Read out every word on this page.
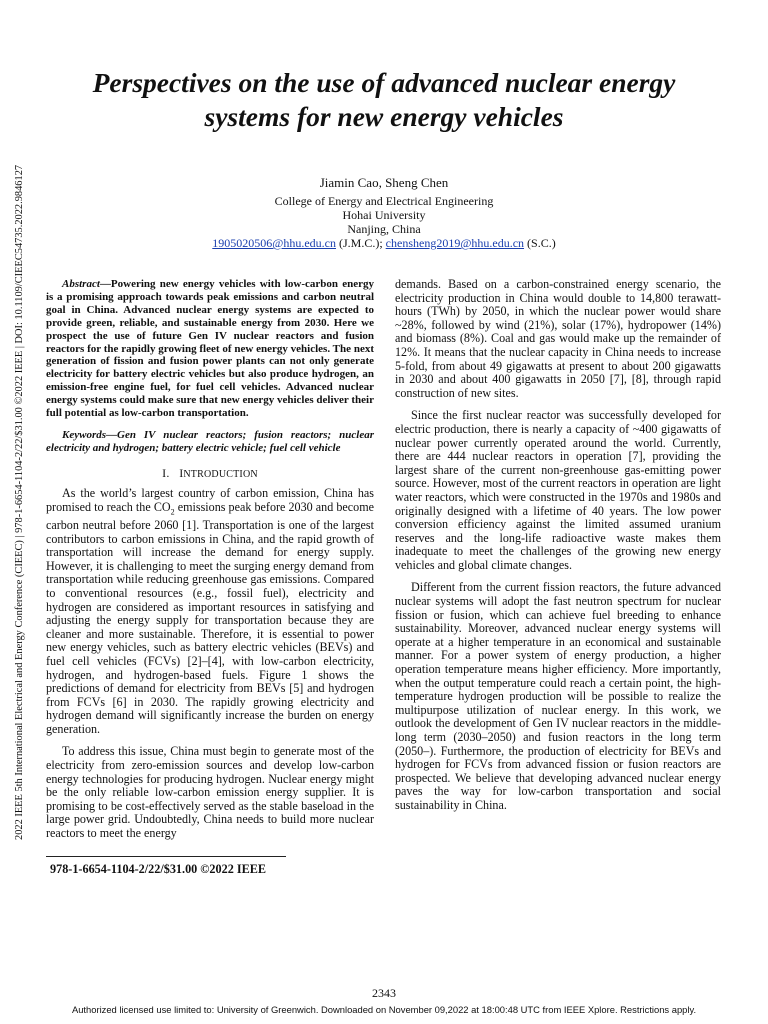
2022 IEEE 5th International Electrical and Energy Conference (CIEEC) | 978-1-6654-1104-2/22/$31.00 ©2022 IEEE | DOI: 10.1109/CIEEC54735.2022.9846127
Perspectives on the use of advanced nuclear energy
systems for new energy vehicles
Jiamin Cao, Sheng Chen
College of Energy and Electrical Engineering
Hohai University
Nanjing, China
1905020506@hhu.edu.cn (J.M.C.); chensheng2019@hhu.edu.cn (S.C.)

Abstract—Powering new energy vehicles with low-carbon energy is a promising approach towards peak emissions and carbon neutral goal in China. Advanced nuclear energy systems are expected to provide green, reliable, and sustainable energy from 2030. Here we prospect the use of future Gen IV nuclear reactors and fusion reactors for the rapidly growing fleet of new energy vehicles. The next generation of fission and fusion power plants can not only generate electricity for battery electric vehicles but also produce hydrogen, an emission-free engine fuel, for fuel cell vehicles. Advanced nuclear energy systems could make sure that new energy vehicles deliver their full potential as low-carbon transportation.

Keywords—Gen IV nuclear reactors; fusion reactors; nuclear electricity and hydrogen; battery electric vehicle; fuel cell vehicle

I. INTRODUCTION

As the world’s largest country of carbon emission, China has promised to reach the $CO_2$ emissions peak before 2030 and become carbon neutral before 2060 [1]. Transportation is one of the largest contributors to carbon emissions in China, and the rapid growth of transportation will increase the demand for energy supply. However, it is challenging to meet the surging energy demand from transportation while reducing greenhouse gas emissions. Compared to conventional resources (e.g., fossil fuel), electricity and hydrogen are considered as important resources in satisfying and adjusting the energy supply for transportation because they are cleaner and more sustainable. Therefore, it is essential to power new energy vehicles, such as battery electric vehicles (BEVs) and fuel cell vehicles (FCVs) [2]–[4], with low-carbon electricity, hydrogen, and hydrogen-based fuels. Figure 1 shows the predictions of demand for electricity from BEVs [5] and hydrogen from FCVs [6] in 2030. The rapidly growing electricity and hydrogen demand will significantly increase the burden on energy generation.

To address this issue, China must begin to generate most of the electricity from zero-emission sources and develop low-carbon energy technologies for producing hydrogen. Nuclear energy might be the only reliable low-carbon emission energy supplier. It is promising to be cost-effectively served as the stable baseload in the large power grid. Undoubtedly, China needs to build more nuclear reactors to meet the energy

demands. Based on a carbon-constrained energy scenario, the electricity production in China would double to 14,800 terawatt-hours (TWh) by 2050, in which the nuclear power would share ~28%, followed by wind (21%), solar (17%), hydropower (14%) and biomass (8%). Coal and gas would make up the remainder of 12%. It means that the nuclear capacity in China needs to increase 5-fold, from about 49 gigawatts at present to about 200 gigawatts in 2030 and about 400 gigawatts in 2050 [7], [8], through rapid construction of new sites.

Since the first nuclear reactor was successfully developed for electric production, there is nearly a capacity of ~400 gigawatts of nuclear power currently operated around the world. Currently, there are 444 nuclear reactors in operation [7], providing the largest share of the current non-greenhouse gas-emitting power source. However, most of the current reactors in operation are light water reactors, which were constructed in the 1970s and 1980s and originally designed with a lifetime of 40 years. The low power conversion efficiency against the limited assumed uranium reserves and the long-life radioactive waste makes them inadequate to meet the challenges of the growing new energy vehicles and global climate changes.

Different from the current fission reactors, the future advanced nuclear systems will adopt the fast neutron spectrum for nuclear fission or fusion, which can achieve fuel breeding to enhance sustainability. Moreover, advanced nuclear energy systems will operate at a higher temperature in an economical and sustainable manner. For a power system of energy production, a higher operation temperature means higher efficiency. More importantly, when the output temperature could reach a certain point, the high-temperature hydrogen production will be possible to realize the multipurpose utilization of nuclear energy. In this work, we outlook the development of Gen IV nuclear reactors in the middle-long term (2030–2050) and fusion reactors in the long term (2050–). Furthermore, the production of electricity for BEVs and hydrogen for FCVs from advanced fission or fusion reactors are prospected. We believe that developing advanced nuclear energy paves the way for low-carbon transportation and social sustainability in China.

978-1-6654-1104-2/22/$31.00 ©2022 IEEE
2343
Authorized licensed use limited to: University of Greenwich. Downloaded on November 09,2022 at 18:00:48 UTC from IEEE Xplore. Restrictions apply.
